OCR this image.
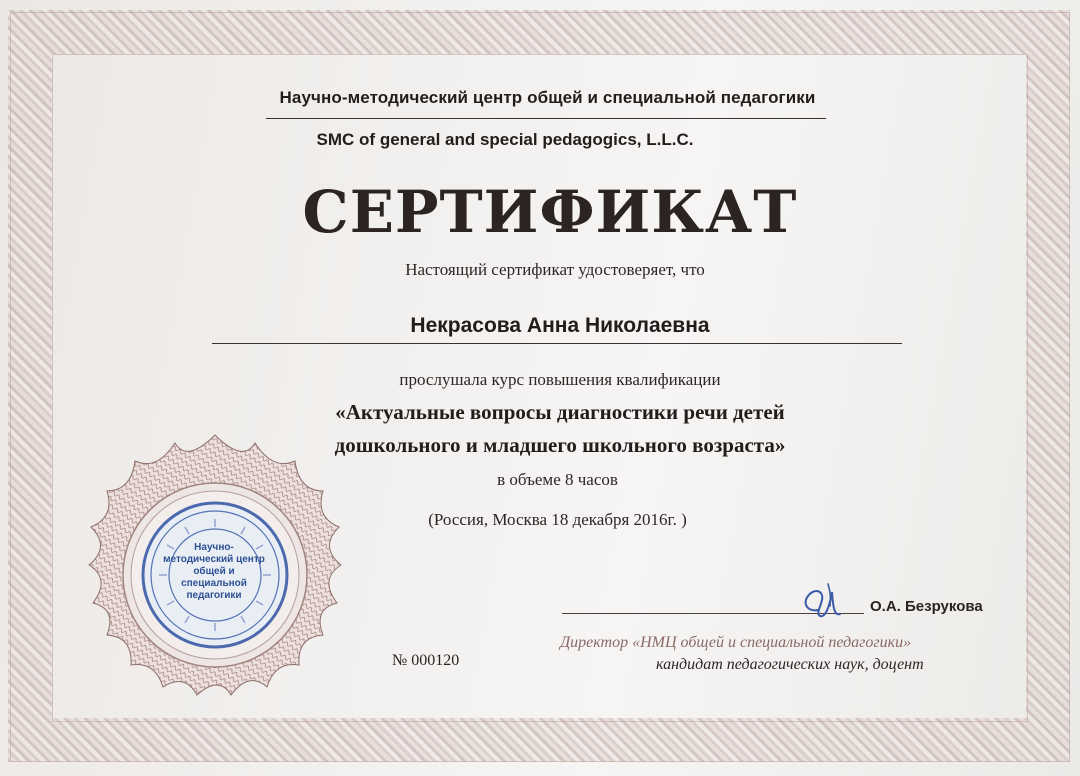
Научно-методический центр общей и специальной педагогики
SMC of general and special pedagogics, L.L.C.
СЕРТИФИКАТ
Настоящий сертификат удостоверяет, что
Некрасова Анна Николаевна
прослушала курс повышения квалификации
«Актуальные вопросы диагностики речи детей
дошкольного и младшего школьного возраста»
в объеме 8 часов
(Россия, Москва 18 декабря 2016г. )
Научно- методический центр общей и специальной педагогики
№ 000120
О.А. Безрукова
Директор «НМЦ общей и специальной педагогики»
кандидат педагогических наук, доцент
